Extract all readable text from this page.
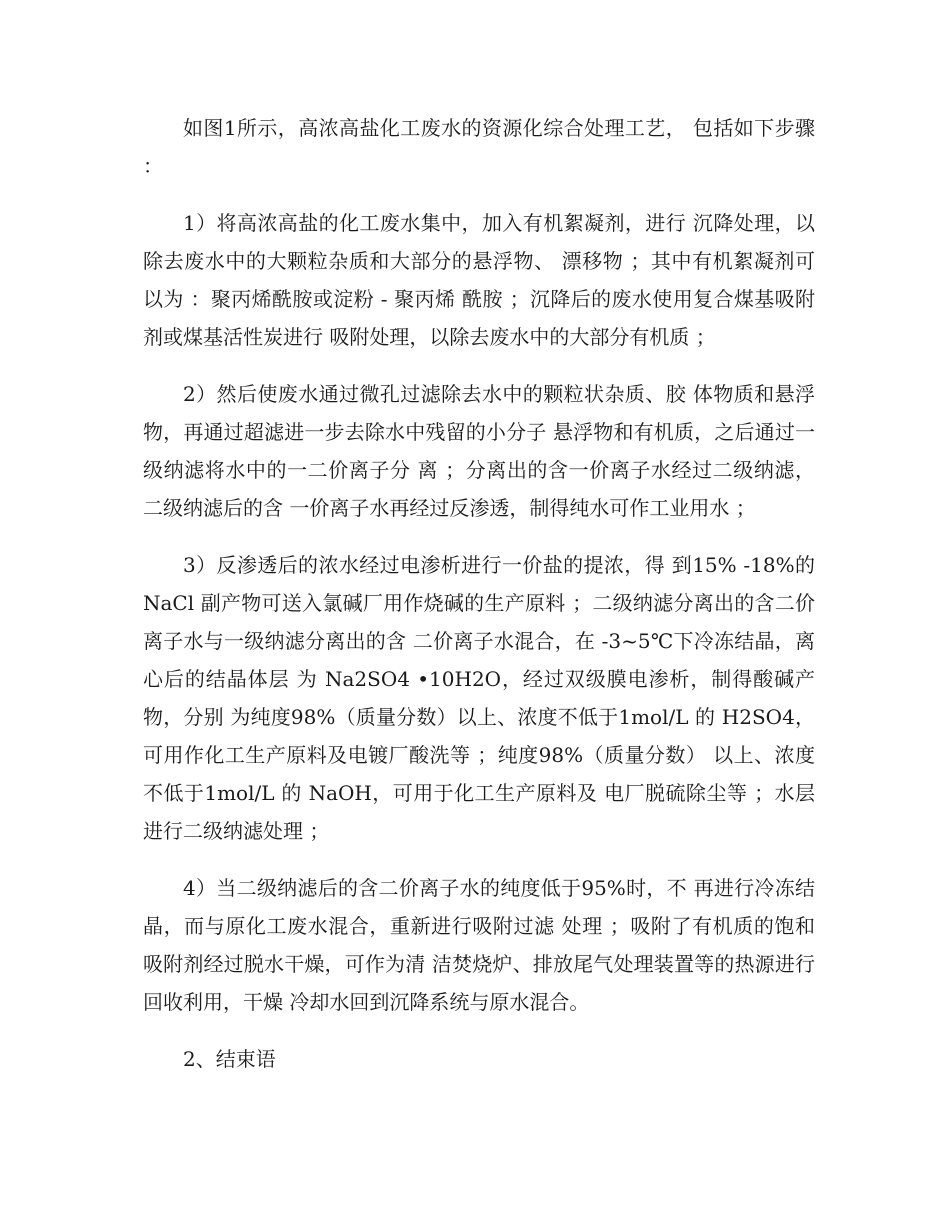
如图1所示，高浓高盐化工废水的资源化综合处理工艺， 包括如下步骤 ：

1）将高浓高盐的化工废水集中，加入有机絮凝剂，进行 沉降处理，以除去废水中的大颗粒杂质和大部分的悬浮物、 漂移物 ；其中有机絮凝剂可以为 ：聚丙烯酰胺或淀粉 - 聚丙烯 酰胺 ；沉降后的废水使用复合煤基吸附剂或煤基活性炭进行 吸附处理，以除去废水中的大部分有机质 ；

2）然后使废水通过微孔过滤除去水中的颗粒状杂质、胶 体物质和悬浮物，再通过超滤进一步去除水中残留的小分子 悬浮物和有机质，之后通过一级纳滤将水中的一二价离子分 离 ；分离出的含一价离子水经过二级纳滤，二级纳滤后的含 一价离子水再经过反渗透，制得纯水可作工业用水 ；

3）反渗透后的浓水经过电渗析进行一价盐的提浓，得 到15% -18%的 NaCl 副产物可送入氯碱厂用作烧碱的生产原料 ；二级纳滤分离出的含二价离子水与一级纳滤分离出的含 二价离子水混合，在 -3~5℃下冷冻结晶，离心后的结晶体层 为 Na2SO4 •10H2O，经过双级膜电渗析，制得酸碱产物，分别 为纯度98%（质量分数）以上、浓度不低于1mol/L 的 H2SO4， 可用作化工生产原料及电镀厂酸洗等 ；纯度98%（质量分数） 以上、浓度不低于1mol/L 的 NaOH，可用于化工生产原料及 电厂脱硫除尘等 ；水层进行二级纳滤处理 ；

4）当二级纳滤后的含二价离子水的纯度低于95%时，不 再进行冷冻结晶，而与原化工废水混合，重新进行吸附过滤 处理 ；吸附了有机质的饱和吸附剂经过脱水干燥，可作为清 洁焚烧炉、排放尾气处理装置等的热源进行回收利用，干燥 冷却水回到沉降系统与原水混合。

2、结束语
